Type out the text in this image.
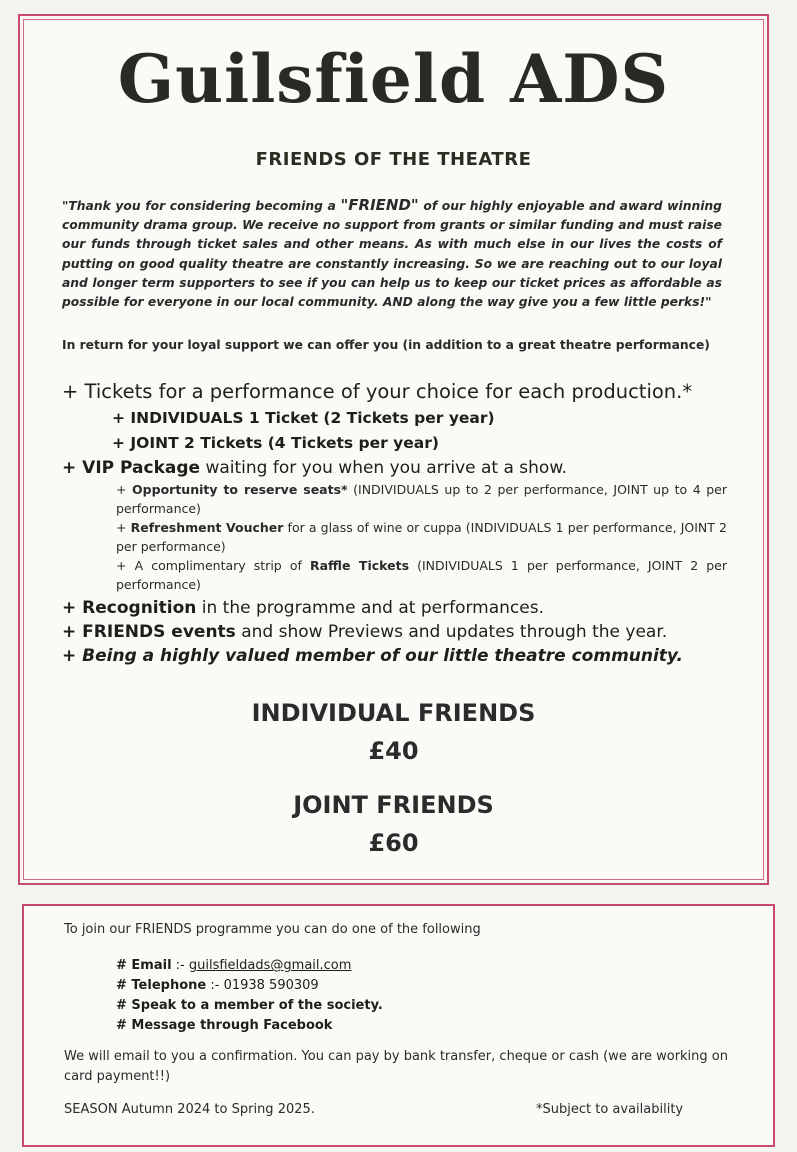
Guilsfield ADS
FRIENDS OF THE THEATRE

"Thank you for considering becoming a "FRIEND" of our highly enjoyable and award winning community drama group. We receive no support from grants or similar funding and must raise our funds through ticket sales and other means. As with much else in our lives the costs of putting on good quality theatre are constantly increasing. So we are reaching out to our loyal and longer term supporters to see if you can help us to keep our ticket prices as affordable as possible for everyone in our local community. AND along the way give you a few little perks!"

In return for your loyal support we can offer you (in addition to a great theatre performance)

+ Tickets for a performance of your choice for each production.*

+ INDIVIDUALS 1 Ticket (2 Tickets per year)

+ JOINT 2 Tickets (4 Tickets per year)

+ VIP Package waiting for you when you arrive at a show.

+ Opportunity to reserve seats* (INDIVIDUALS up to 2 per performance, JOINT up to 4 per performance)

+ Refreshment Voucher for a glass of wine or cuppa (INDIVIDUALS 1 per performance, JOINT 2 per performance)

+ A complimentary strip of Raffle Tickets (INDIVIDUALS 1 per performance, JOINT 2 per performance)

+ Recognition in the programme and at performances.

+ FRIENDS events and show Previews and updates through the year.

+ Being a highly valued member of our little theatre community.

INDIVIDUAL FRIENDS
£40
JOINT FRIENDS
£60
To join our FRIENDS programme you can do one of the following
# Email :- guilsfieldads@gmail.com
# Telephone :- 01938 590309
# Speak to a member of the society.
# Message through Facebook
We will email to you a confirmation. You can pay by bank transfer, cheque or cash (we are working on card payment!!)
SEASON Autumn 2024 to Spring 2025.	*Subject to availability
